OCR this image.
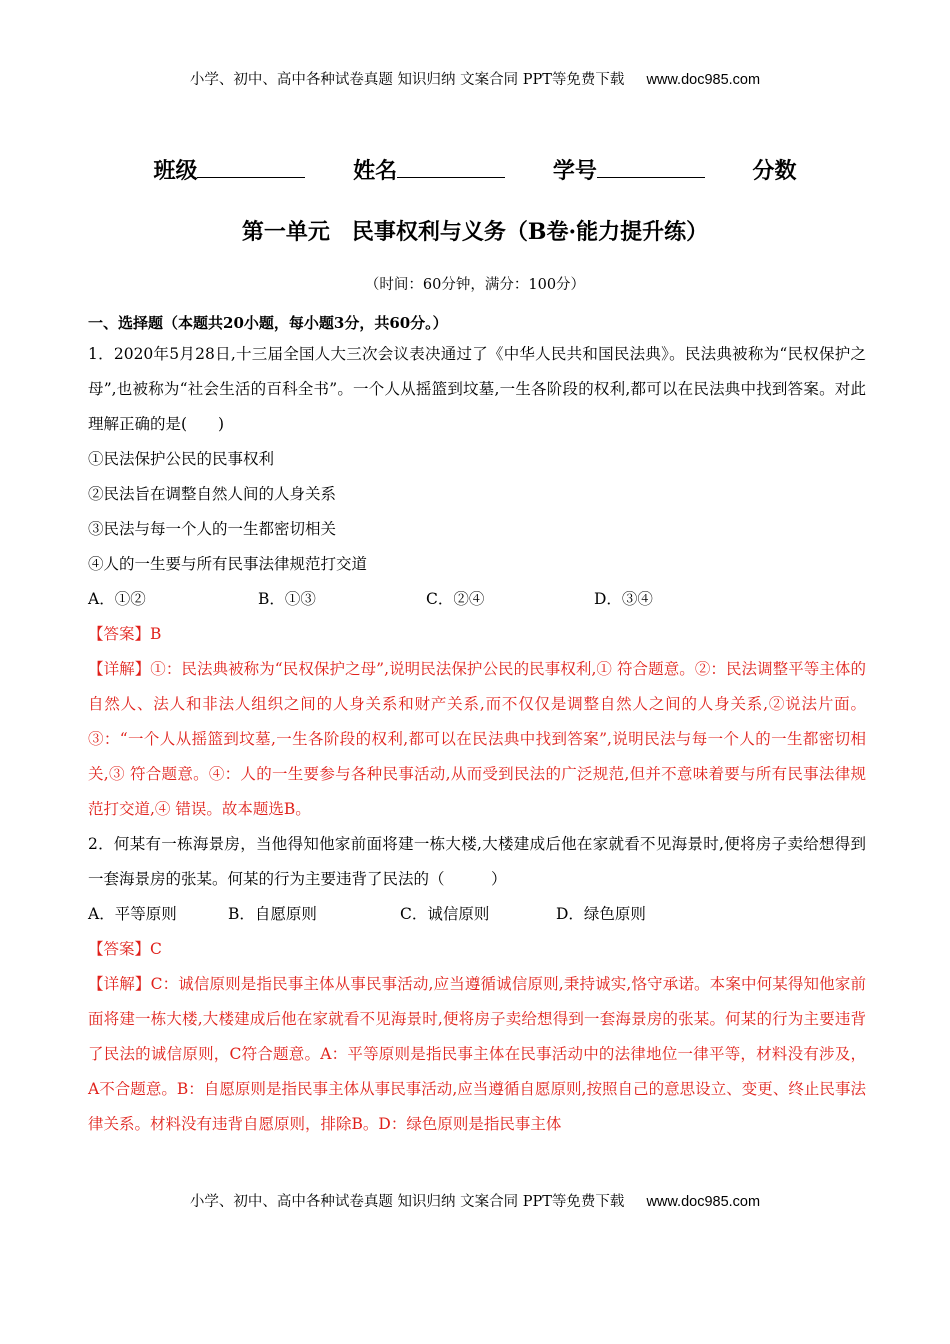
小学、初中、高中各种试卷真题 知识归纳 文案合同 PPT等免费下载 www.doc985.com
班级	姓名	学号	分数
第一单元　民事权利与义务（B卷·能力提升练）
（时间：60分钟，满分：100分）
一、选择题（本题共20小题，每小题3分，共60分。）

1．2020年5月28日,十三届全国人大三次会议表决通过了《中华人民共和国民法典》。民法典被称为“民权保护之母”,也被称为“社会生活的百科全书”。一个人从摇篮到坟墓,一生各阶段的权利,都可以在民法典中找到答案。对此理解正确的是(　　)

①民法保护公民的民事权利

②民法旨在调整自然人间的人身关系

③民法与每一个人的一生都密切相关

④人的一生要与所有民事法律规范打交道

A．①②	B．①③	C．②④	D．③④

【答案】B

【详解】①：民法典被称为“民权保护之母”,说明民法保护公民的民事权利,① 符合题意。②：民法调整平等主体的自然人、法人和非法人组织之间的人身关系和财产关系,而不仅仅是调整自然人之间的人身关系,②说法片面。③：“一个人从摇篮到坟墓,一生各阶段的权利,都可以在民法典中找到答案”,说明民法与每一个人的一生都密切相关,③ 符合题意。④：人的一生要参与各种民事活动,从而受到民法的广泛规范,但并不意味着要与所有民事法律规范打交道,④ 错误。故本题选B。

2．何某有一栋海景房，当他得知他家前面将建一栋大楼,大楼建成后他在家就看不见海景时,便将房子卖给想得到一套海景房的张某。何某的行为主要违背了民法的（　　　）

A．平等原则	B．自愿原则	C．诚信原则	D．绿色原则

【答案】C

【详解】C：诚信原则是指民事主体从事民事活动,应当遵循诚信原则,秉持诚实,恪守承诺。本案中何某得知他家前面将建一栋大楼,大楼建成后他在家就看不见海景时,便将房子卖给想得到一套海景房的张某。何某的行为主要违背了民法的诚信原则，C符合题意。A：平等原则是指民事主体在民事活动中的法律地位一律平等，材料没有涉及，A不合题意。B：自愿原则是指民事主体从事民事活动,应当遵循自愿原则,按照自己的意思设立、变更、终止民事法律关系。材料没有违背自愿原则，排除B。D：绿色原则是指民事主体

小学、初中、高中各种试卷真题 知识归纳 文案合同 PPT等免费下载 www.doc985.com
